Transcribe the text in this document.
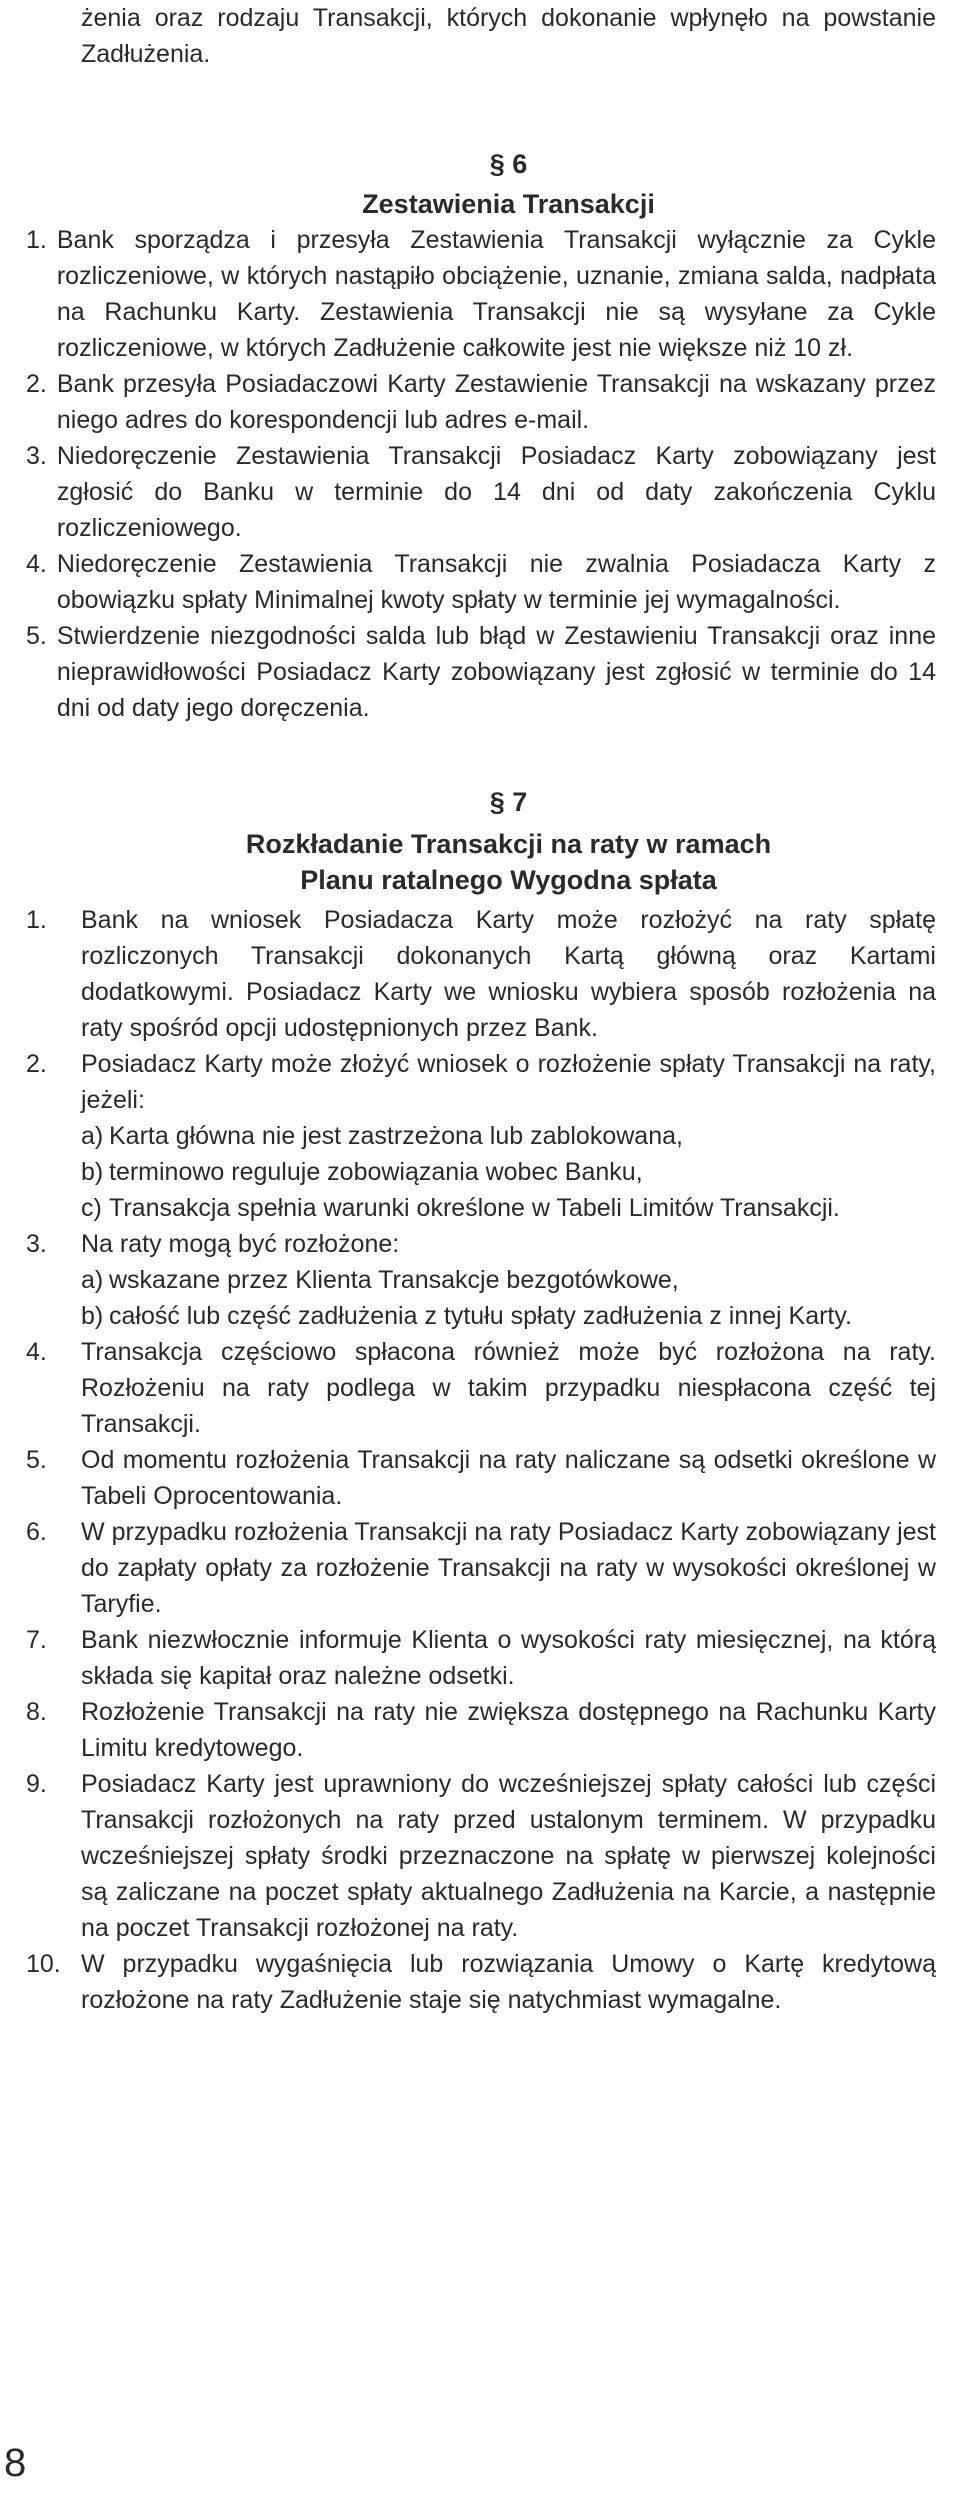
żenia oraz rodzaju Transakcji, których dokonanie wpłynęło na powstanie Zadłużenia.

§ 6
Zestawienia Transakcji
1. Bank sporządza i przesyła Zestawienia Transakcji wyłącznie za Cykle rozliczeniowe, w których nastąpiło obciążenie, uznanie, zmiana salda, nadpłata na Rachunku Karty. Zestawienia Transakcji nie są wysyłane za Cykle rozliczeniowe, w których Zadłużenie całkowite jest nie większe niż 10 zł.
2. Bank przesyła Posiadaczowi Karty Zestawienie Transakcji na wskazany przez niego adres do korespondencji lub adres e-mail.
3. Niedoręczenie Zestawienia Transakcji Posiadacz Karty zobowiązany jest zgłosić do Banku w terminie do 14 dni od daty zakończenia Cyklu rozliczeniowego.
4. Niedoręczenie Zestawienia Transakcji nie zwalnia Posiadacza Karty z obowiązku spłaty Minimalnej kwoty spłaty w terminie jej wymagalności.
5. Stwierdzenie niezgodności salda lub błąd w Zestawieniu Transakcji oraz inne nieprawidłowości Posiadacz Karty zobowiązany jest zgłosić w terminie do 14 dni od daty jego doręczenia.
§ 7
Rozkładanie Transakcji na raty w ramach
Planu ratalnego Wygodna spłata
1.	Bank na wniosek Posiadacza Karty może rozłożyć na raty spłatę rozliczonych Transakcji dokonanych Kartą główną oraz Kartami dodatkowymi. Posiadacz Karty we wniosku wybiera sposób rozłożenia na raty spośród opcji udostępnionych przez Bank.
2.	Posiadacz Karty może złożyć wniosek o rozłożenie spłaty Transakcji na raty, jeżeli:
a) Karta główna nie jest zastrzeżona lub zablokowana,
b) terminowo reguluje zobowiązania wobec Banku,
c) Transakcja spełnia warunki określone w Tabeli Limitów Transakcji.
3.	Na raty mogą być rozłożone:
a) wskazane przez Klienta Transakcje bezgotówkowe,
b) całość lub część zadłużenia z tytułu spłaty zadłużenia z innej Karty.
4.	Transakcja częściowo spłacona również może być rozłożona na raty. Rozłożeniu na raty podlega w takim przypadku niespłacona część tej Transakcji.
5.	Od momentu rozłożenia Transakcji na raty naliczane są odsetki określone w Tabeli Oprocentowania.
6.	W przypadku rozłożenia Transakcji na raty Posiadacz Karty zobowiązany jest do zapłaty opłaty za rozłożenie Transakcji na raty w wysokości określonej w Taryfie.
7.	Bank niezwłocznie informuje Klienta o wysokości raty miesięcznej, na którą składa się kapitał oraz należne odsetki.
8.	Rozłożenie Transakcji na raty nie zwiększa dostępnego na Rachunku Karty Limitu kredytowego.
9.	Posiadacz Karty jest uprawniony do wcześniejszej spłaty całości lub części Transakcji rozłożonych na raty przed ustalonym terminem. W przypadku wcześniejszej spłaty środki przeznaczone na spłatę w pierwszej kolejności są zaliczane na poczet spłaty aktualnego Zadłużenia na Karcie, a następnie na poczet Transakcji rozłożonej na raty.
10. W przypadku wygaśnięcia lub rozwiązania Umowy o Kartę kredytową rozłożone na raty Zadłużenie staje się natychmiast wymagalne.
8
